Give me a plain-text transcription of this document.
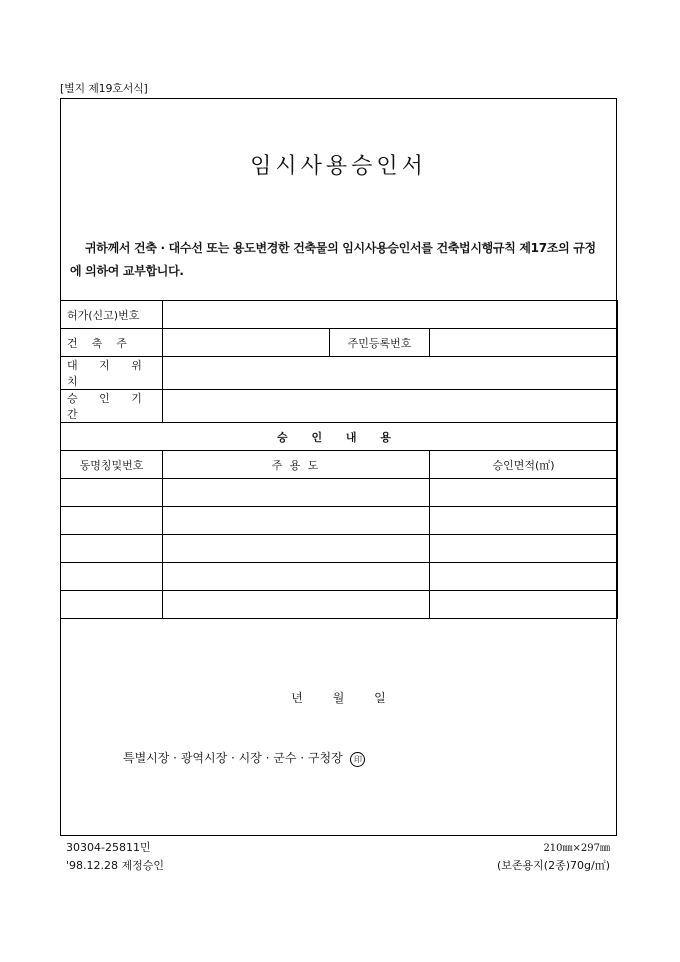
[별지 제19호서식]
임시사용승인서
귀하께서 건축 · 대수선 또는 용도변경한 건축물의 임시사용승인서를 건축법시행규칙 제17조의 규정에 의하여 교부합니다.
허가(신고)번호			
건    축    주		주민등록번호	
대 지 위 치			
승 인 기 간			
승 인 내 용			
동명칭및번호	주 용 도		승인면적(㎡)

년 월 일
특별시장 · 광역시장 · 시장 · 군수 · 구청장 印
30304-25811민
'98.12.28 제정승인
210㎜×297㎜
(보존용지(2종)70g/㎡)
